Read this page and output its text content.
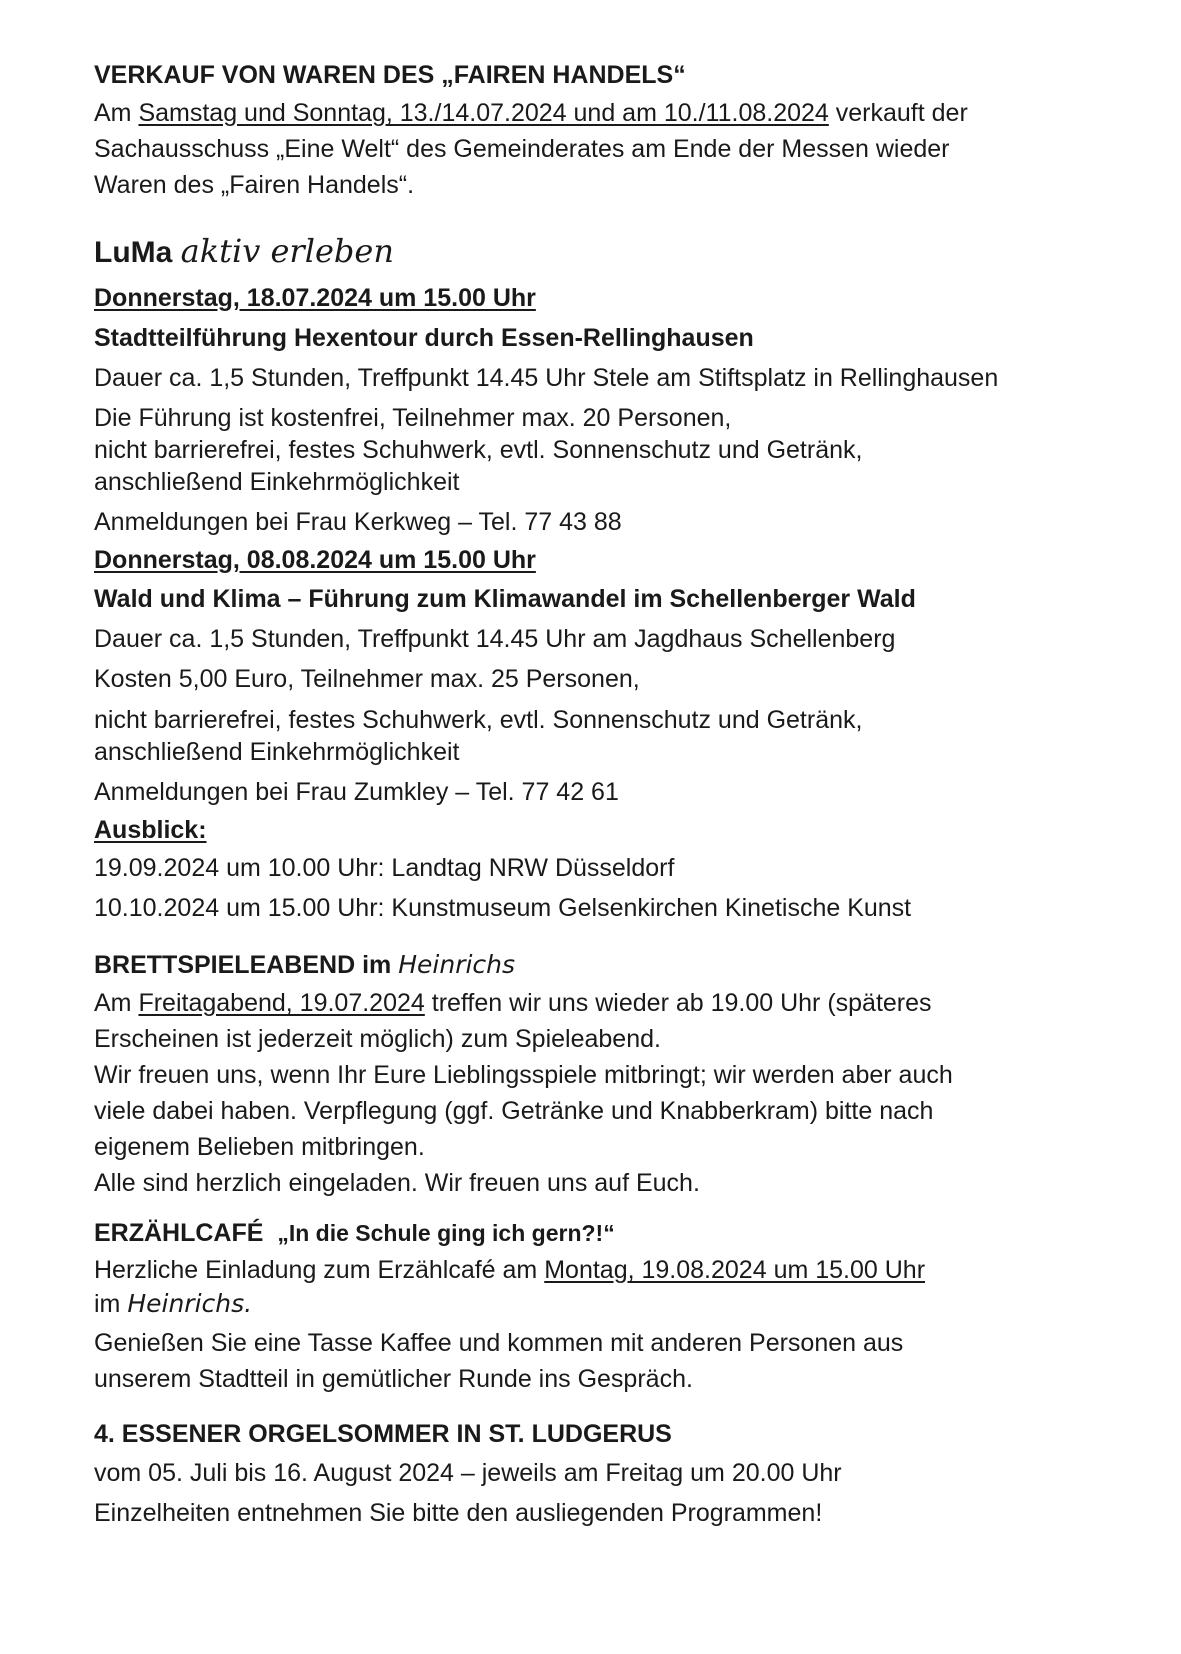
VERKAUF VON WAREN DES „FAIREN HANDELS“

Am Samstag und Sonntag, 13./14.07.2024 und am 10./11.08.2024 verkauft der

Sachausschuss „Eine Welt“ des Gemeinderates am Ende der Messen wieder

Waren des „Fairen Handels“.

LuMa aktiv erleben

Donnerstag, 18.07.2024 um 15.00 Uhr

Stadtteilführung Hexentour durch Essen-Rellinghausen

Dauer ca. 1,5 Stunden, Treffpunkt 14.45 Uhr Stele am Stiftsplatz in Rellinghausen

Die Führung ist kostenfrei, Teilnehmer max. 20 Personen,

nicht barrierefrei, festes Schuhwerk, evtl. Sonnenschutz und Getränk,

anschließend Einkehrmöglichkeit

Anmeldungen bei Frau Kerkweg – Tel. 77 43 88

Donnerstag, 08.08.2024 um 15.00 Uhr

Wald und Klima – Führung zum Klimawandel im Schellenberger Wald

Dauer ca. 1,5 Stunden, Treffpunkt 14.45 Uhr am Jagdhaus Schellenberg

Kosten 5,00 Euro, Teilnehmer max. 25 Personen,

nicht barrierefrei, festes Schuhwerk, evtl. Sonnenschutz und Getränk,

anschließend Einkehrmöglichkeit

Anmeldungen bei Frau Zumkley – Tel. 77 42 61

Ausblick:

19.09.2024 um 10.00 Uhr: Landtag NRW Düsseldorf

10.10.2024 um 15.00 Uhr: Kunstmuseum Gelsenkirchen Kinetische Kunst

BRETTSPIELEABEND im Heinrichs

Am Freitagabend, 19.07.2024 treffen wir uns wieder ab 19.00 Uhr (späteres

Erscheinen ist jederzeit möglich) zum Spieleabend.

Wir freuen uns, wenn Ihr Eure Lieblingsspiele mitbringt; wir werden aber auch

viele dabei haben. Verpflegung (ggf. Getränke und Knabberkram) bitte nach

eigenem Belieben mitbringen.

Alle sind herzlich eingeladen. Wir freuen uns auf Euch.

ERZÄHLCAFÉ „In die Schule ging ich gern?!“

Herzliche Einladung zum Erzählcafé am Montag, 19.08.2024 um 15.00 Uhr

im Heinrichs.

Genießen Sie eine Tasse Kaffee und kommen mit anderen Personen aus

unserem Stadtteil in gemütlicher Runde ins Gespräch.

4. ESSENER ORGELSOMMER IN ST. LUDGERUS

vom 05. Juli bis 16. August 2024 – jeweils am Freitag um 20.00 Uhr

Einzelheiten entnehmen Sie bitte den ausliegenden Programmen!
